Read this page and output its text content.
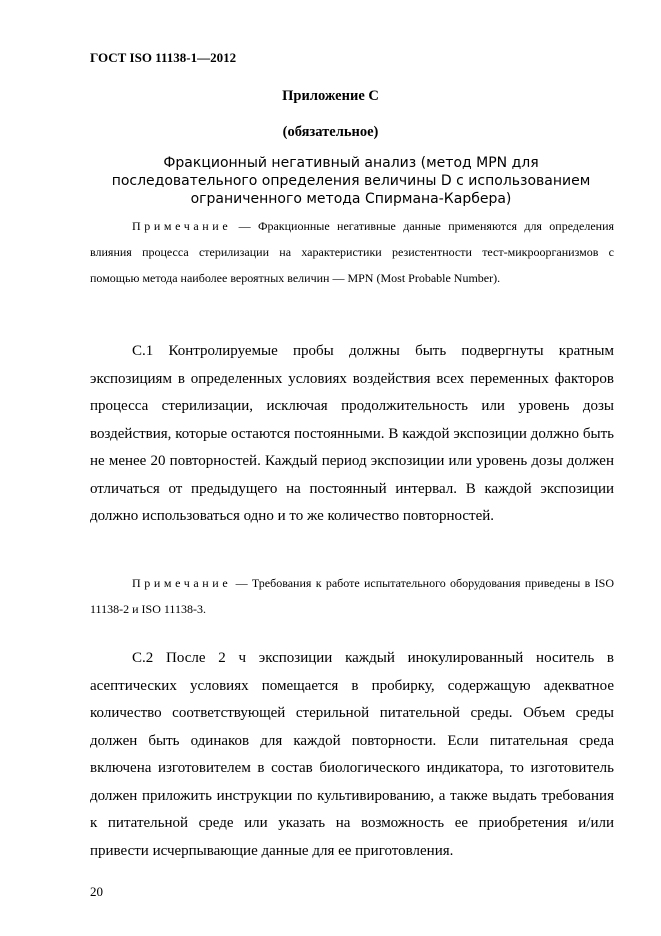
ГОСТ ISO 11138-1—2012
Приложение С
(обязательное)
Фракционный негативный анализ (метод MPN для последовательного определения величины D с использованием ограниченного метода Спирмана-Карбера)
Примечание — Фракционные негативные данные применяются для определения влияния процесса стерилизации на характеристики резистентности тест-микроорганизмов с помощью метода наиболее вероятных величин — MPN (Most Probable Number).
С.1 Контролируемые пробы должны быть подвергнуты кратным экспозициям в определенных условиях воздействия всех переменных факторов процесса стерилизации, исключая продолжительность или уровень дозы воздействия, которые остаются постоянными. В каждой экспозиции должно быть не менее 20 повторностей. Каждый период экспозиции или уровень дозы должен отличаться от предыдущего на постоянный интервал. В каждой экспозиции должно использоваться одно и то же количество повторностей.
Примечание — Требования к работе испытательного оборудования приведены в ISO 11138-2 и ISO 11138-3.
С.2 После 2 ч экспозиции каждый инокулированный носитель в асептических условиях помещается в пробирку, содержащую адекватное количество соответствующей стерильной питательной среды. Объем среды должен быть одинаков для каждой повторности. Если питательная среда включена изготовителем в состав биологического индикатора, то изготовитель должен приложить инструкции по культивированию, а также выдать требования к питательной среде или указать на возможность ее приобретения и/или привести исчерпывающие данные для ее приготовления.
20
